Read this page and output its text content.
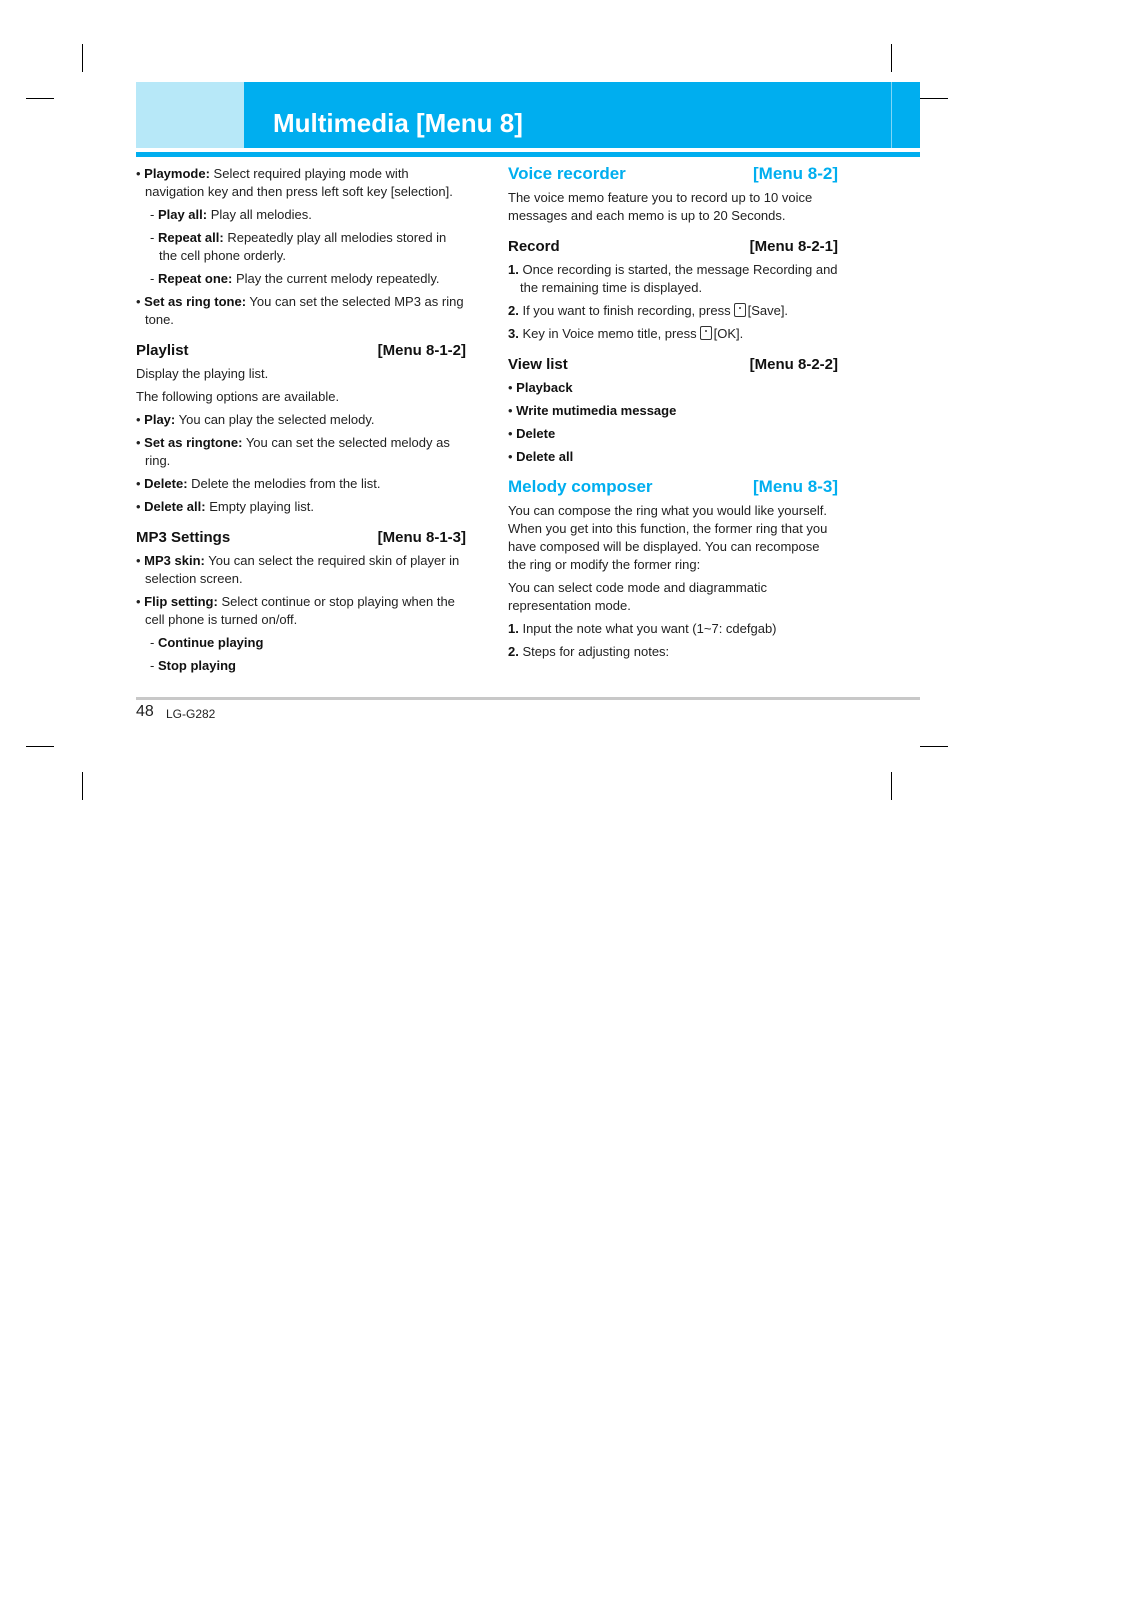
Multimedia [Menu 8]

• Playmode: Select required playing mode with navigation key and then press left soft key [selection].

- Play all: Play all melodies.

- Repeat all: Repeatedly play all melodies stored in the cell phone orderly.

- Repeat one: Play the current melody repeatedly.

• Set as ring tone: You can set the selected MP3 as ring tone.

Playlist	[Menu 8-1-2]

Display the playing list.

The following options are available.

• Play: You can play the selected melody.

• Set as ringtone: You can set the selected melody as ring.

• Delete: Delete the melodies from the list.

• Delete all: Empty playing list.

MP3 Settings	[Menu 8-1-3]

• MP3 skin: You can select the required skin of player in selection screen.

• Flip setting: Select continue or stop playing when the cell phone is turned on/off.

- Continue playing

- Stop playing

Voice recorder	[Menu 8-2]

The voice memo feature you to record up to 10 voice messages and each memo is up to 20 Seconds.

Record	[Menu 8-2-1]

1. Once recording is started, the message Recording and the remaining time is displayed.

2. If you want to finish recording, press [Save].

3. Key in Voice memo title, press [OK].

View list	[Menu 8-2-2]

• Playback

• Write mutimedia message

• Delete

• Delete all

Melody composer	[Menu 8-3]

You can compose the ring what you would like yourself. When you get into this function, the former ring that you have composed will be displayed. You can recompose the ring or modify the former ring:

You can select code mode and diagrammatic representation mode.

1. Input the note what you want (1~7: cdefgab)

2. Steps for adjusting notes:

48 LG-G282
